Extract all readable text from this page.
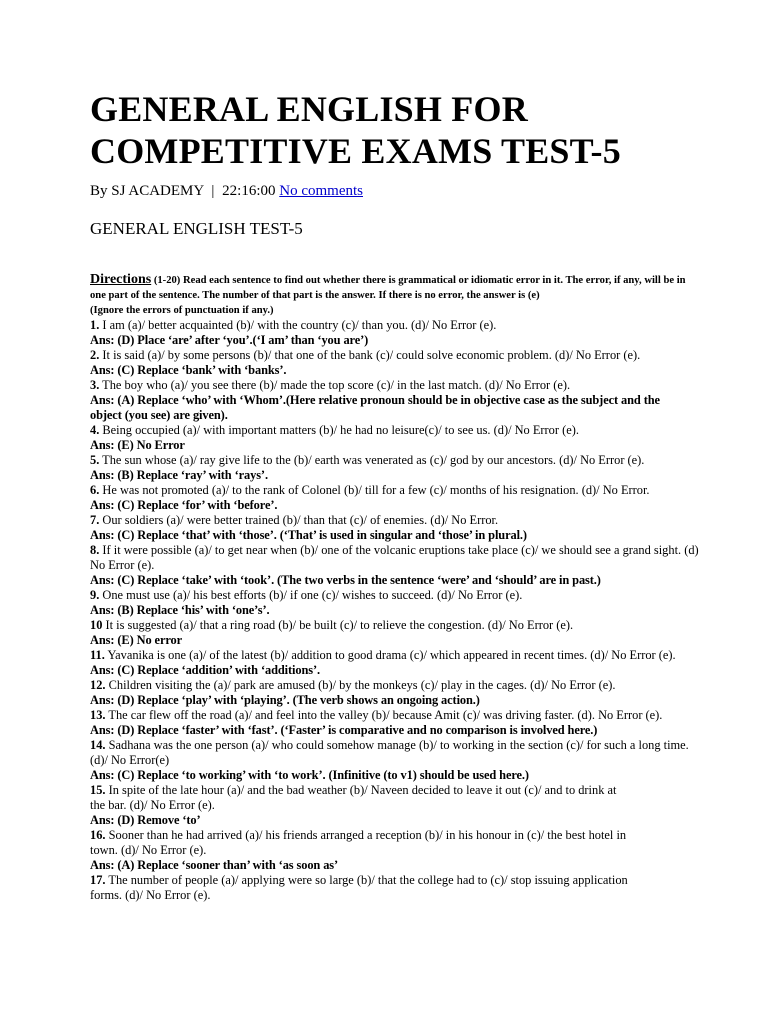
GENERAL ENGLISH FOR COMPETITIVE EXAMS TEST-5
By SJ ACADEMY | 22:16:00 No comments
GENERAL ENGLISH TEST-5
Directions (1-20) Read each sentence to find out whether there is grammatical or idiomatic error in it. The error, if any, will be in one part of the sentence. The number of that part is the answer. If there is no error, the answer is (e)
(Ignore the errors of punctuation if any.)
1. I am (a)/ better acquainted (b)/ with the country (c)/ than you. (d)/ No Error (e).
Ans: (D) Place ‘are’ after ‘you’.(‘I am’ than ‘you are’)
2. It is said (a)/ by some persons (b)/ that one of the bank (c)/ could solve economic problem. (d)/ No Error (e).
Ans: (C) Replace ‘bank’ with ‘banks’.
3. The boy who (a)/ you see there (b)/ made the top score (c)/ in the last match. (d)/ No Error (e).
Ans: (A) Replace ‘who’ with ‘Whom’.(Here relative pronoun should be in objective case as the subject and the
object (you see) are given).
4. Being occupied (a)/ with important matters (b)/ he had no leisure(c)/ to see us. (d)/ No Error (e).
Ans: (E) No Error
5. The sun whose (a)/ ray give life to the (b)/ earth was venerated as (c)/ god by our ancestors. (d)/ No Error (e).
Ans: (B) Replace ‘ray’ with ‘rays’.
6. He was not promoted (a)/ to the rank of Colonel (b)/ till for a few (c)/ months of his resignation. (d)/ No Error.
Ans: (C) Replace ‘for’ with ‘before’.
7. Our soldiers (a)/ were better trained (b)/ than that (c)/ of enemies. (d)/ No Error.
Ans: (C) Replace ‘that’ with ‘those’. (‘That’ is used in singular and ‘those’ in plural.)
8. If it were possible (a)/ to get near when (b)/ one of the volcanic eruptions take place (c)/ we should see a grand sight. (d) No Error (e).
Ans: (C) Replace ‘take’ with ‘took’. (The two verbs in the sentence ‘were’ and ‘should’ are in past.)
9. One must use (a)/ his best efforts (b)/ if one (c)/ wishes to succeed. (d)/ No Error (e).
Ans: (B) Replace ‘his’ with ‘one’s’.
10 It is suggested (a)/ that a ring road (b)/ be built (c)/ to relieve the congestion. (d)/ No Error (e).
Ans: (E) No error
11. Yavanika is one (a)/ of the latest (b)/ addition to good drama (c)/ which appeared in recent times. (d)/ No Error (e).
Ans: (C) Replace ‘addition’ with ‘additions’.
12. Children visiting the (a)/ park are amused (b)/ by the monkeys (c)/ play in the cages. (d)/ No Error (e).
Ans: (D) Replace ‘play’ with ‘playing’. (The verb shows an ongoing action.)
13. The car flew off the road (a)/ and feel into the valley (b)/ because Amit (c)/ was driving faster. (d). No Error (e).
Ans: (D) Replace ‘faster’ with ‘fast’. (‘Faster’ is comparative and no comparison is involved here.)
14. Sadhana was the one person (a)/ who could somehow manage (b)/ to working in the section (c)/ for such a long time.(d)/ No Error(e)
Ans: (C) Replace ‘to working’ with ‘to work’. (Infinitive (to v1) should be used here.)
15. In spite of the late hour (a)/ and the bad weather (b)/ Naveen decided to leave it out (c)/ and to drink at
the bar. (d)/ No Error (e).
Ans: (D) Remove ‘to’
16. Sooner than he had arrived (a)/ his friends arranged a reception (b)/ in his honour in (c)/ the best hotel in
town. (d)/ No Error (e).
Ans: (A) Replace ‘sooner than’ with ‘as soon as’
17. The number of people (a)/ applying were so large (b)/ that the college had to (c)/ stop issuing application
forms. (d)/ No Error (e).
